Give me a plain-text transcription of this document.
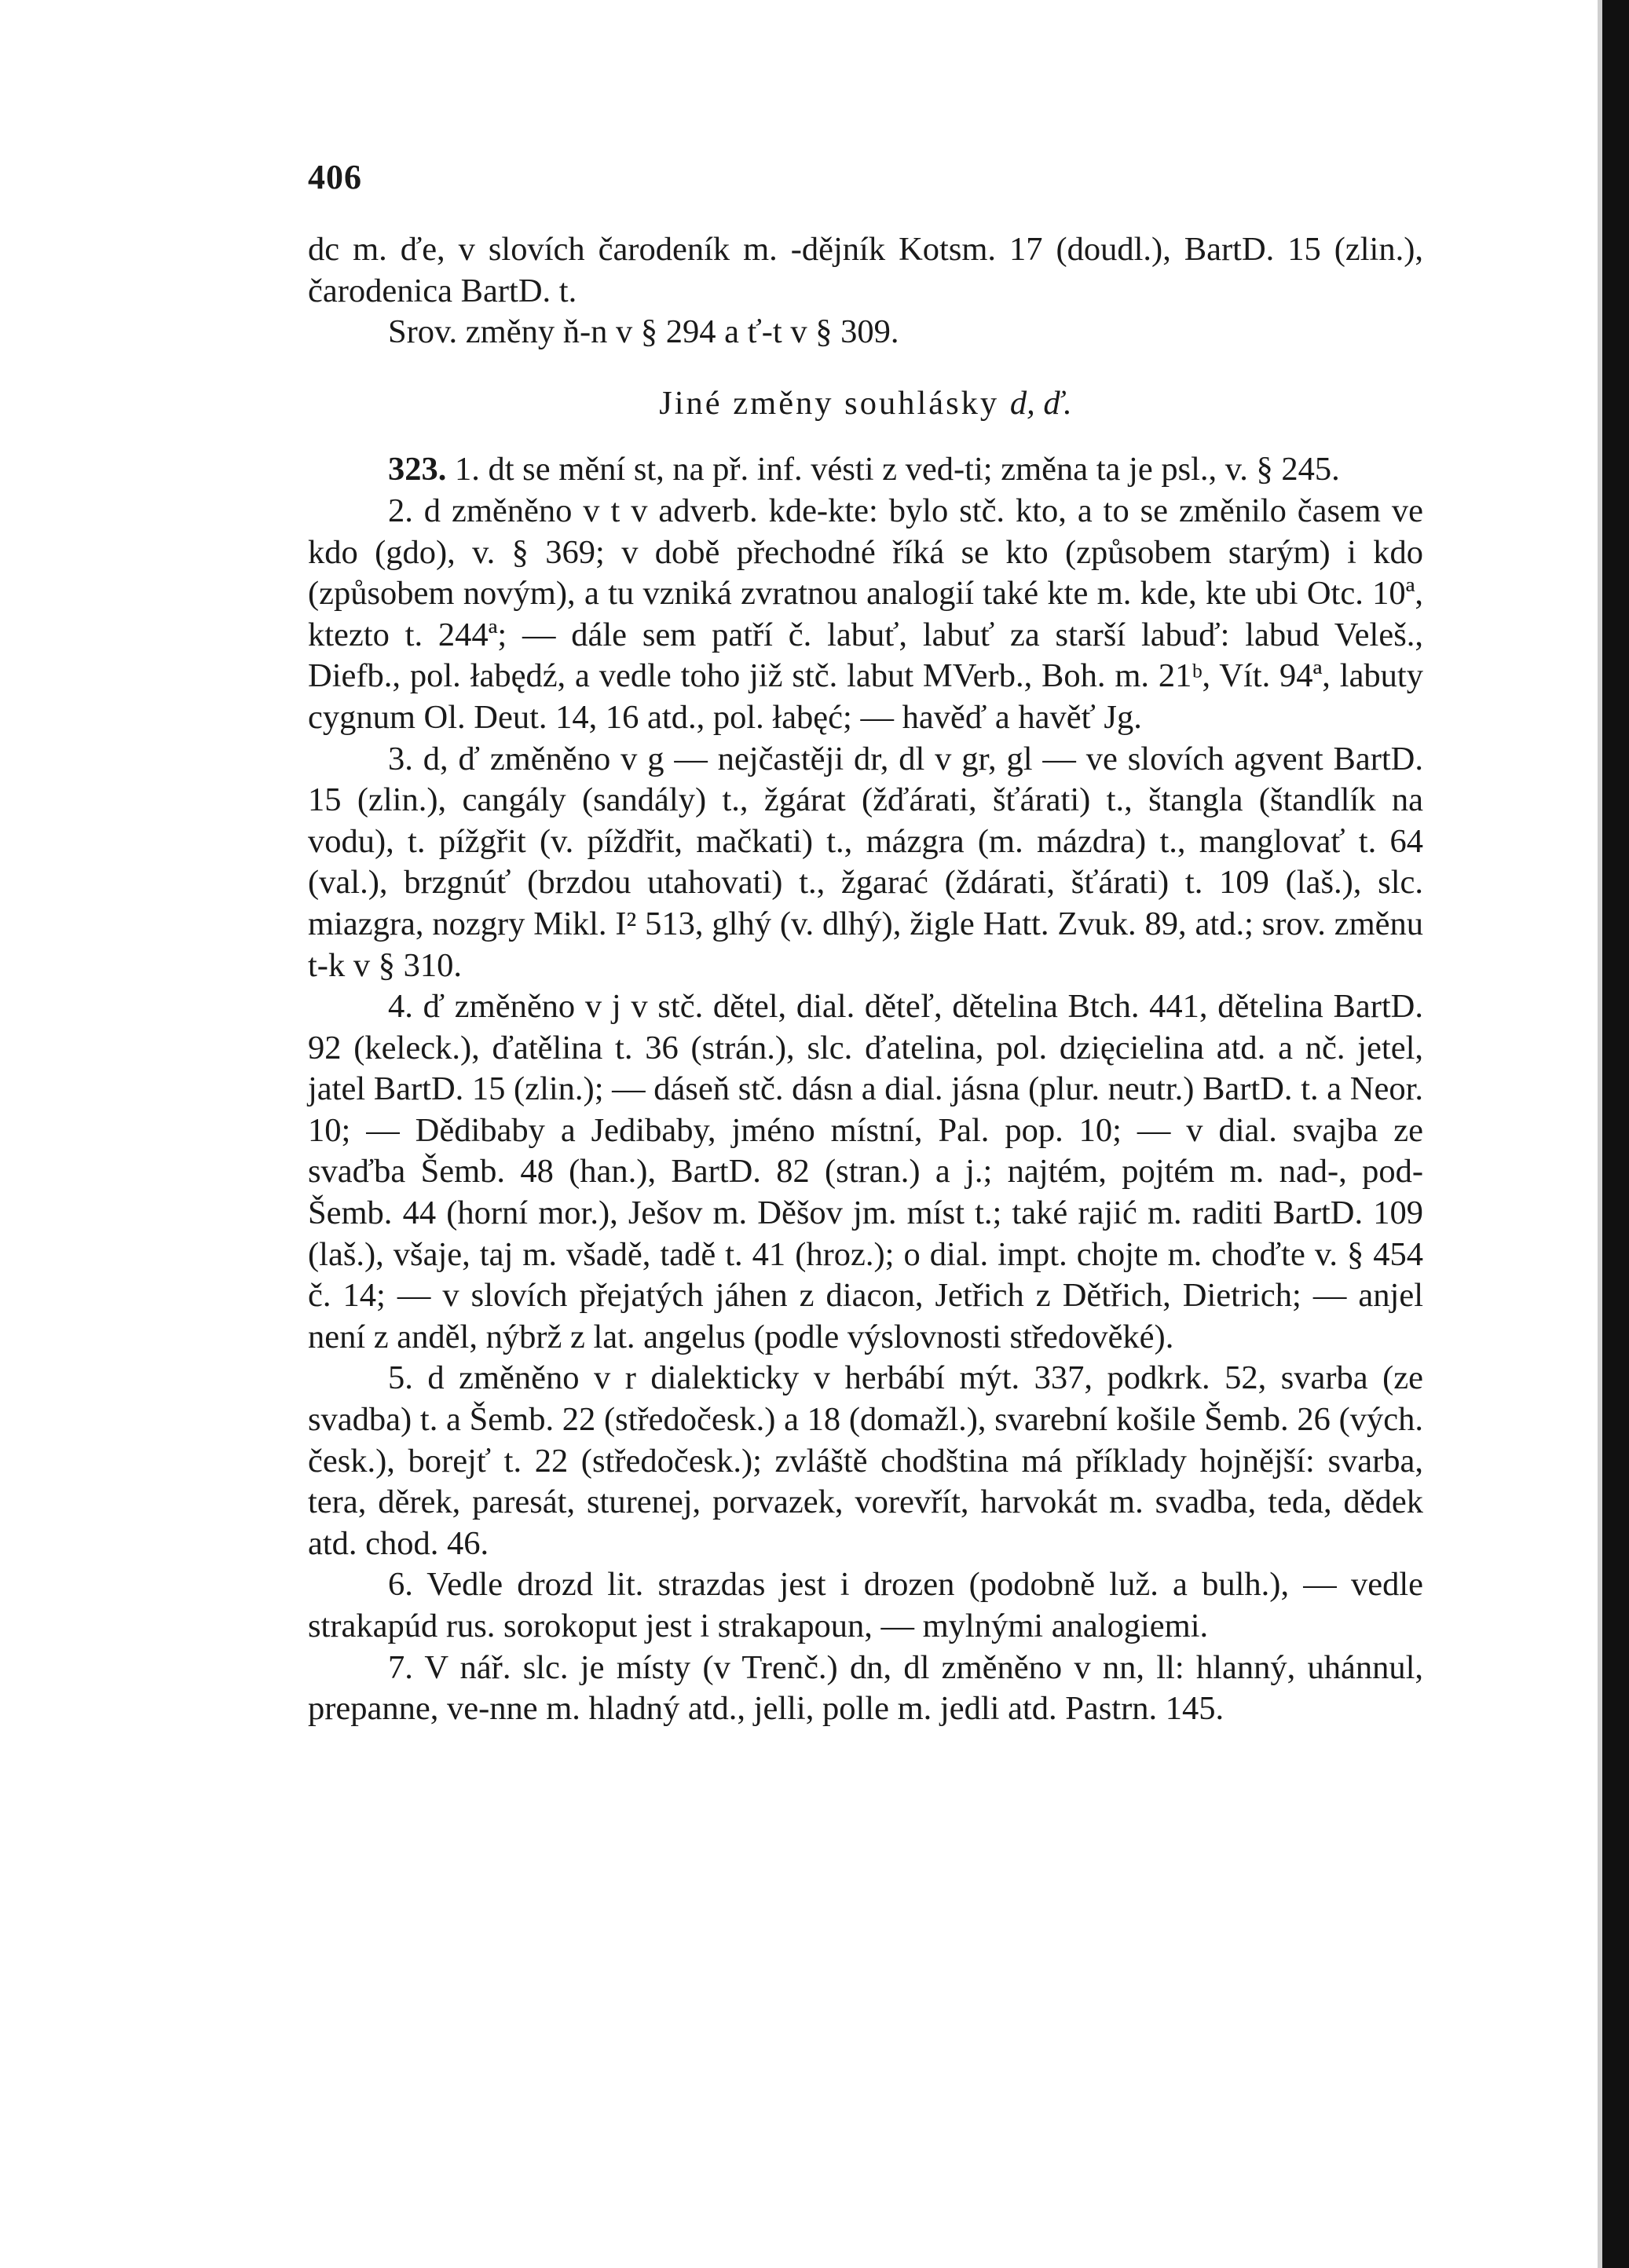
406

dc m. ďe, v slovích čarodeník m. -dějník Kotsm. 17 (doudl.), BartD. 15 (zlin.), čarodenica BartD. t.

Srov. změny ň-n v § 294 a ť-t v § 309.

Jiné změny souhlásky d, ď.

323. 1. dt se mění st, na př. inf. vésti z ved-ti; změna ta je psl., v. § 245.

2. d změněno v t v adverb. kde-kte: bylo stč. kto, a to se změnilo časem ve kdo (gdo), v. § 369; v době přechodné říká se kto (způsobem starým) i kdo (způsobem novým), a tu vzniká zvratnou analogií také kte m. kde, kte ubi Otc. 10ª, ktezto t. 244ª; — dále sem patří č. labuť, labuť za starší labuď: labud Veleš., Diefb., pol. łabędź, a vedle toho již stč. labut MVerb., Boh. m. 21ᵇ, Vít. 94ª, labuty cygnum Ol. Deut. 14, 16 atd., pol. łabęć; — havěď a havěť Jg.

3. d, ď změněno v g — nejčastěji dr, dl v gr, gl — ve slovích agvent BartD. 15 (zlin.), cangály (sandály) t., žgárat (žďárati, šťárati) t., štangla (štandlík na vodu), t. pížgřit (v. píždřit, mačkati) t., mázgra (m. mázdra) t., manglovať t. 64 (val.), brzgnúť (brzdou utahovati) t., žgarać (ždárati, šťárati) t. 109 (laš.), slc. miazgra, nozgry Mikl. I² 513, glhý (v. dlhý), žigle Hatt. Zvuk. 89, atd.; srov. změnu t-k v § 310.

4. ď změněno v j v stč. dětel, dial. děteľ, dětelina Btch. 441, dětelina BartD. 92 (keleck.), ďatělina t. 36 (strán.), slc. ďatelina, pol. dzięcielina atd. a nč. jetel, jatel BartD. 15 (zlin.); — dáseň stč. dásn a dial. jásna (plur. neutr.) BartD. t. a Neor. 10; — Dědibaby a Jedibaby, jméno místní, Pal. pop. 10; — v dial. svajba ze svaďba Šemb. 48 (han.), BartD. 82 (stran.) a j.; najtém, pojtém m. nad-, pod- Šemb. 44 (horní mor.), Ješov m. Děšov jm. míst t.; také rajić m. raditi BartD. 109 (laš.), všaje, taj m. všadě, tadě t. 41 (hroz.); o dial. impt. chojte m. choďte v. § 454 č. 14; — v slovích přejatých jáhen z diacon, Jetřich z Dětřich, Dietrich; — anjel není z anděl, nýbrž z lat. angelus (podle výslovnosti středověké).

5. d změněno v r dialekticky v herbábí mýt. 337, podkrk. 52, svarba (ze svadba) t. a Šemb. 22 (středočesk.) a 18 (domažl.), svarební košile Šemb. 26 (vých. česk.), borejť t. 22 (středočesk.); zvláště chodština má příklady hojnější: svarba, tera, děrek, paresát, sturenej, porvazek, vorevřít, harvokát m. svadba, teda, dědek atd. chod. 46.

6. Vedle drozd lit. strazdas jest i drozen (podobně luž. a bulh.), — vedle strakapúd rus. sorokoput jest i strakapoun, — mylnými analogiemi.

7. V nář. slc. je místy (v Trenč.) dn, dl změněno v nn, ll: hlanný, uhánnul, prepanne, ve-nne m. hladný atd., jelli, polle m. jedli atd. Pastrn. 145.
